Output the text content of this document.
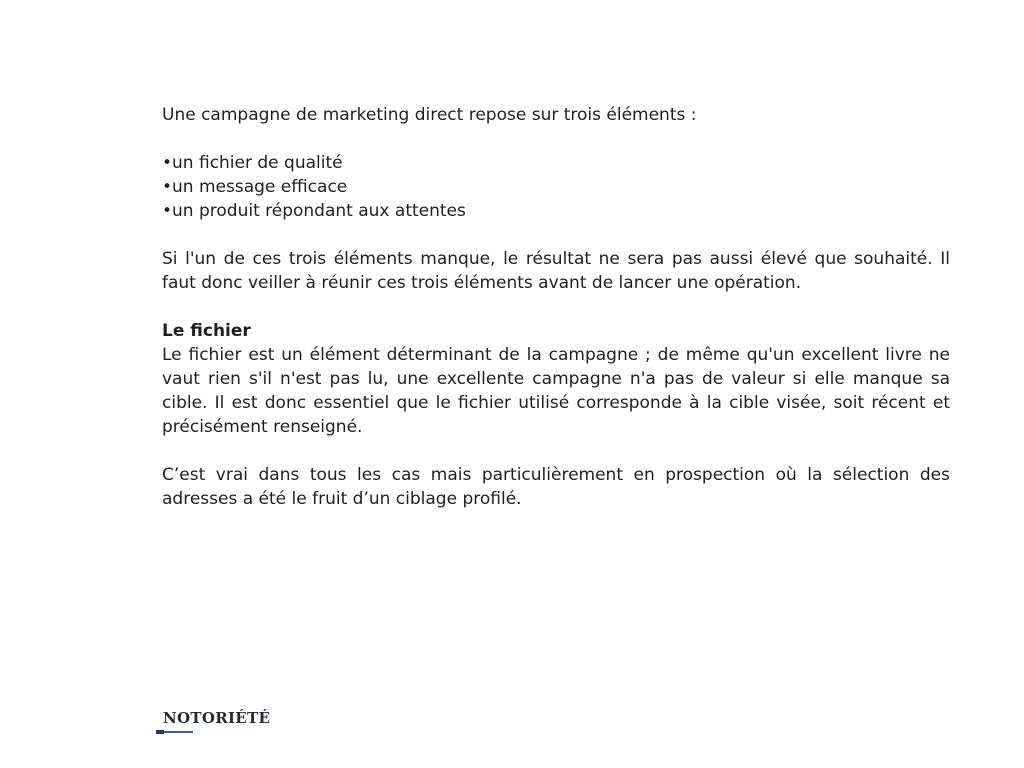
Une campagne de marketing direct repose sur trois éléments :

•un fichier de qualité
•un message efficace
•un produit répondant aux attentes

Si l'un de ces trois éléments manque, le résultat ne sera pas aussi élevé que souhaité. Il faut donc veiller à réunir ces trois éléments avant de lancer une opération.

Le fichier

Le fichier est un élément déterminant de la campagne ; de même qu'un excellent livre ne vaut rien s'il n'est pas lu, une excellente campagne n'a pas de valeur si elle manque sa cible. Il est donc essentiel que le fichier utilisé corresponde à la cible visée, soit récent et précisément renseigné.

C’est vrai dans tous les cas mais particulièrement en prospection où la sélection des adresses a été le fruit d’un ciblage profilé.

NOTORIÉTÉ
